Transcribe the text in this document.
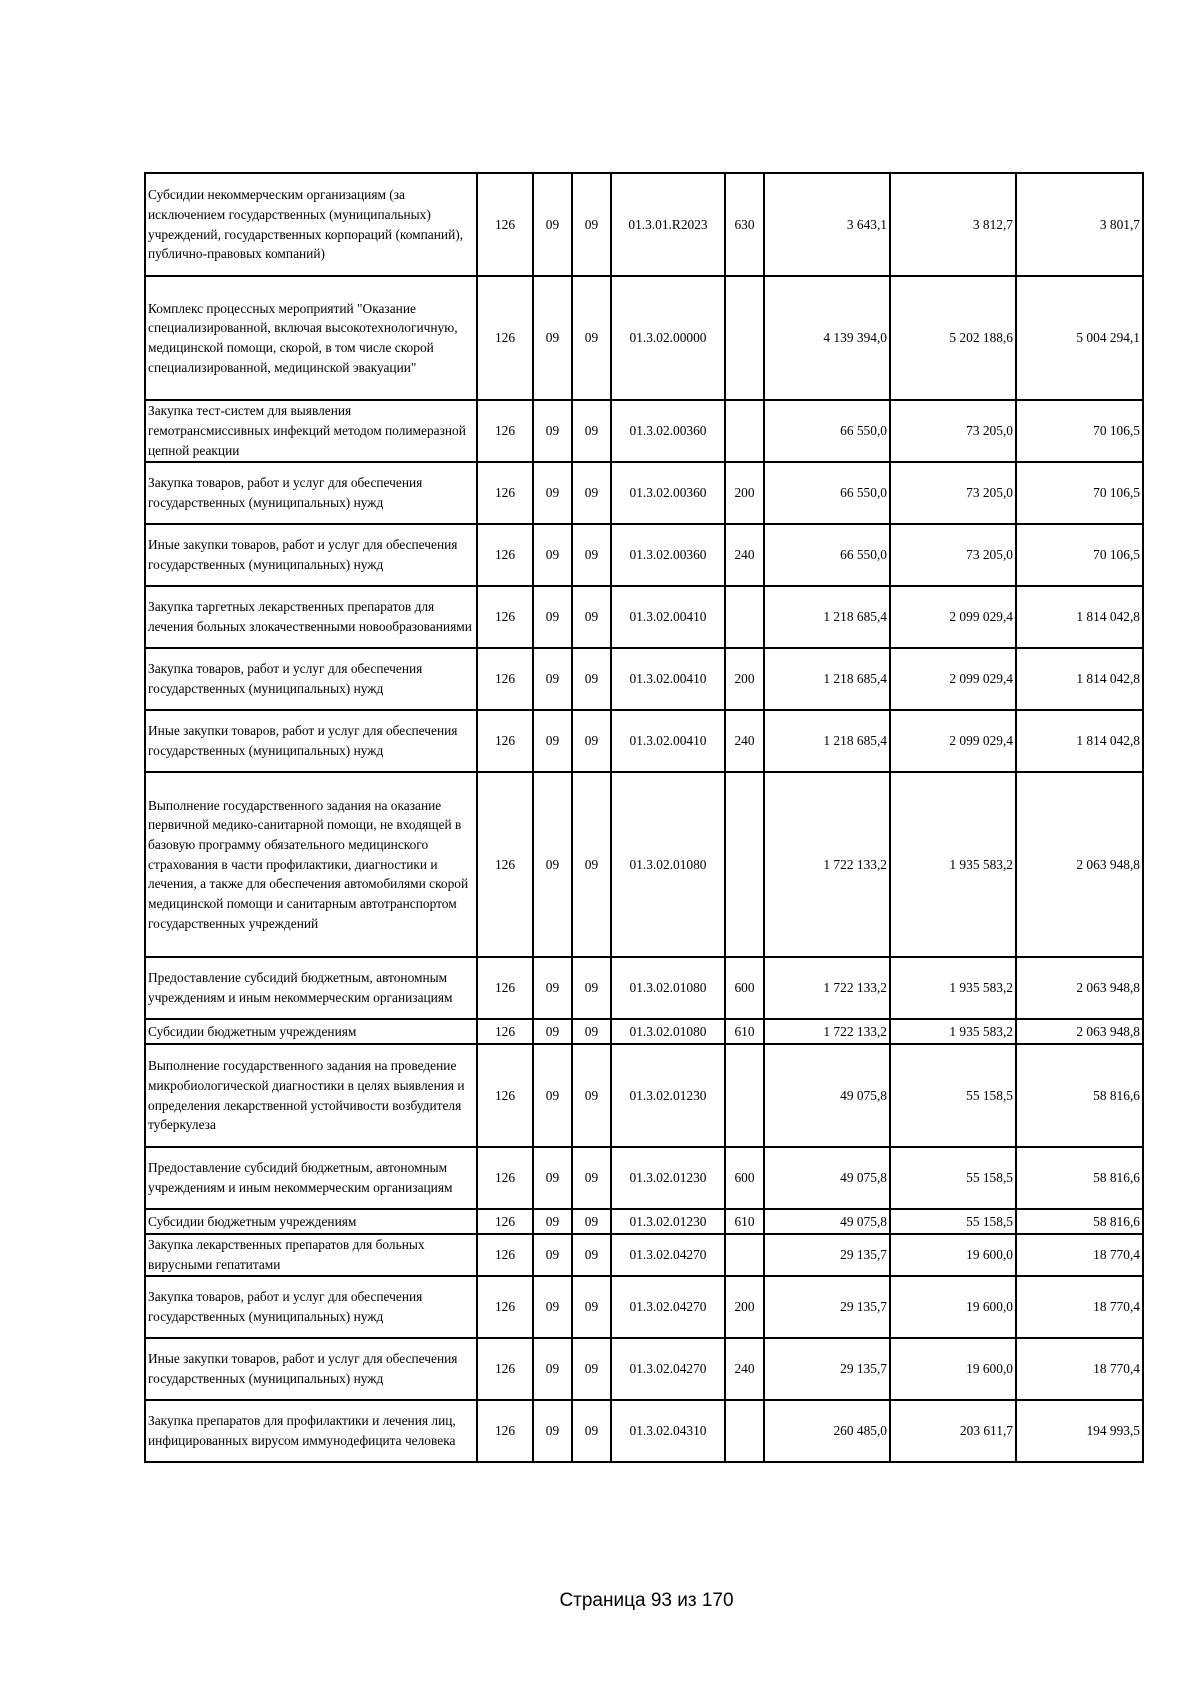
Субсидии некоммерческим организациям (за исключением государственных (муниципальных) учреждений, государственных корпораций (компаний), публично-правовых компаний)	126	09	09	01.3.01.R2023	630	3 643,1	3 812,7	3 801,7
Комплекс процессных мероприятий "Оказание специализированной, включая высокотехнологичную, медицинской помощи, скорой, в том числе скорой специализированной, медицинской эвакуации"	126	09	09	01.3.02.00000		4 139 394,0	5 202 188,6	5 004 294,1
Закупка тест-систем для выявления гемотрансмиссивных инфекций методом полимеразной цепной реакции	126	09	09	01.3.02.00360		66 550,0	73 205,0	70 106,5
Закупка товаров, работ и услуг для обеспечения государственных (муниципальных) нужд	126	09	09	01.3.02.00360	200	66 550,0	73 205,0	70 106,5
Иные закупки товаров, работ и услуг для обеспечения государственных (муниципальных) нужд	126	09	09	01.3.02.00360	240	66 550,0	73 205,0	70 106,5
Закупка таргетных лекарственных препаратов для лечения больных злокачественными новообразованиями	126	09	09	01.3.02.00410		1 218 685,4	2 099 029,4	1 814 042,8
Закупка товаров, работ и услуг для обеспечения государственных (муниципальных) нужд	126	09	09	01.3.02.00410	200	1 218 685,4	2 099 029,4	1 814 042,8
Иные закупки товаров, работ и услуг для обеспечения государственных (муниципальных) нужд	126	09	09	01.3.02.00410	240	1 218 685,4	2 099 029,4	1 814 042,8
Выполнение государственного задания на оказание первичной медико-санитарной помощи, не входящей в базовую программу обязательного медицинского страхования в части профилактики, диагностики и лечения, а также для обеспечения автомобилями скорой медицинской помощи и санитарным автотранспортом государственных учреждений	126	09	09	01.3.02.01080		1 722 133,2	1 935 583,2	2 063 948,8
Предоставление субсидий бюджетным, автономным учреждениям и иным некоммерческим организациям	126	09	09	01.3.02.01080	600	1 722 133,2	1 935 583,2	2 063 948,8
Субсидии бюджетным учреждениям	126	09	09	01.3.02.01080	610	1 722 133,2	1 935 583,2	2 063 948,8
Выполнение государственного задания на проведение микробиологической диагностики в целях выявления и определения лекарственной устойчивости возбудителя туберкулеза	126	09	09	01.3.02.01230		49 075,8	55 158,5	58 816,6
Предоставление субсидий бюджетным, автономным учреждениям и иным некоммерческим организациям	126	09	09	01.3.02.01230	600	49 075,8	55 158,5	58 816,6
Субсидии бюджетным учреждениям	126	09	09	01.3.02.01230	610	49 075,8	55 158,5	58 816,6
Закупка лекарственных препаратов для больных вирусными гепатитами	126	09	09	01.3.02.04270		29 135,7	19 600,0	18 770,4
Закупка товаров, работ и услуг для обеспечения государственных (муниципальных) нужд	126	09	09	01.3.02.04270	200	29 135,7	19 600,0	18 770,4
Иные закупки товаров, работ и услуг для обеспечения государственных (муниципальных) нужд	126	09	09	01.3.02.04270	240	29 135,7	19 600,0	18 770,4
Закупка препаратов для профилактики и лечения лиц, инфицированных вирусом иммунодефицита человека	126	09	09	01.3.02.04310		260 485,0	203 611,7	194 993,5
Страница 93 из 170
